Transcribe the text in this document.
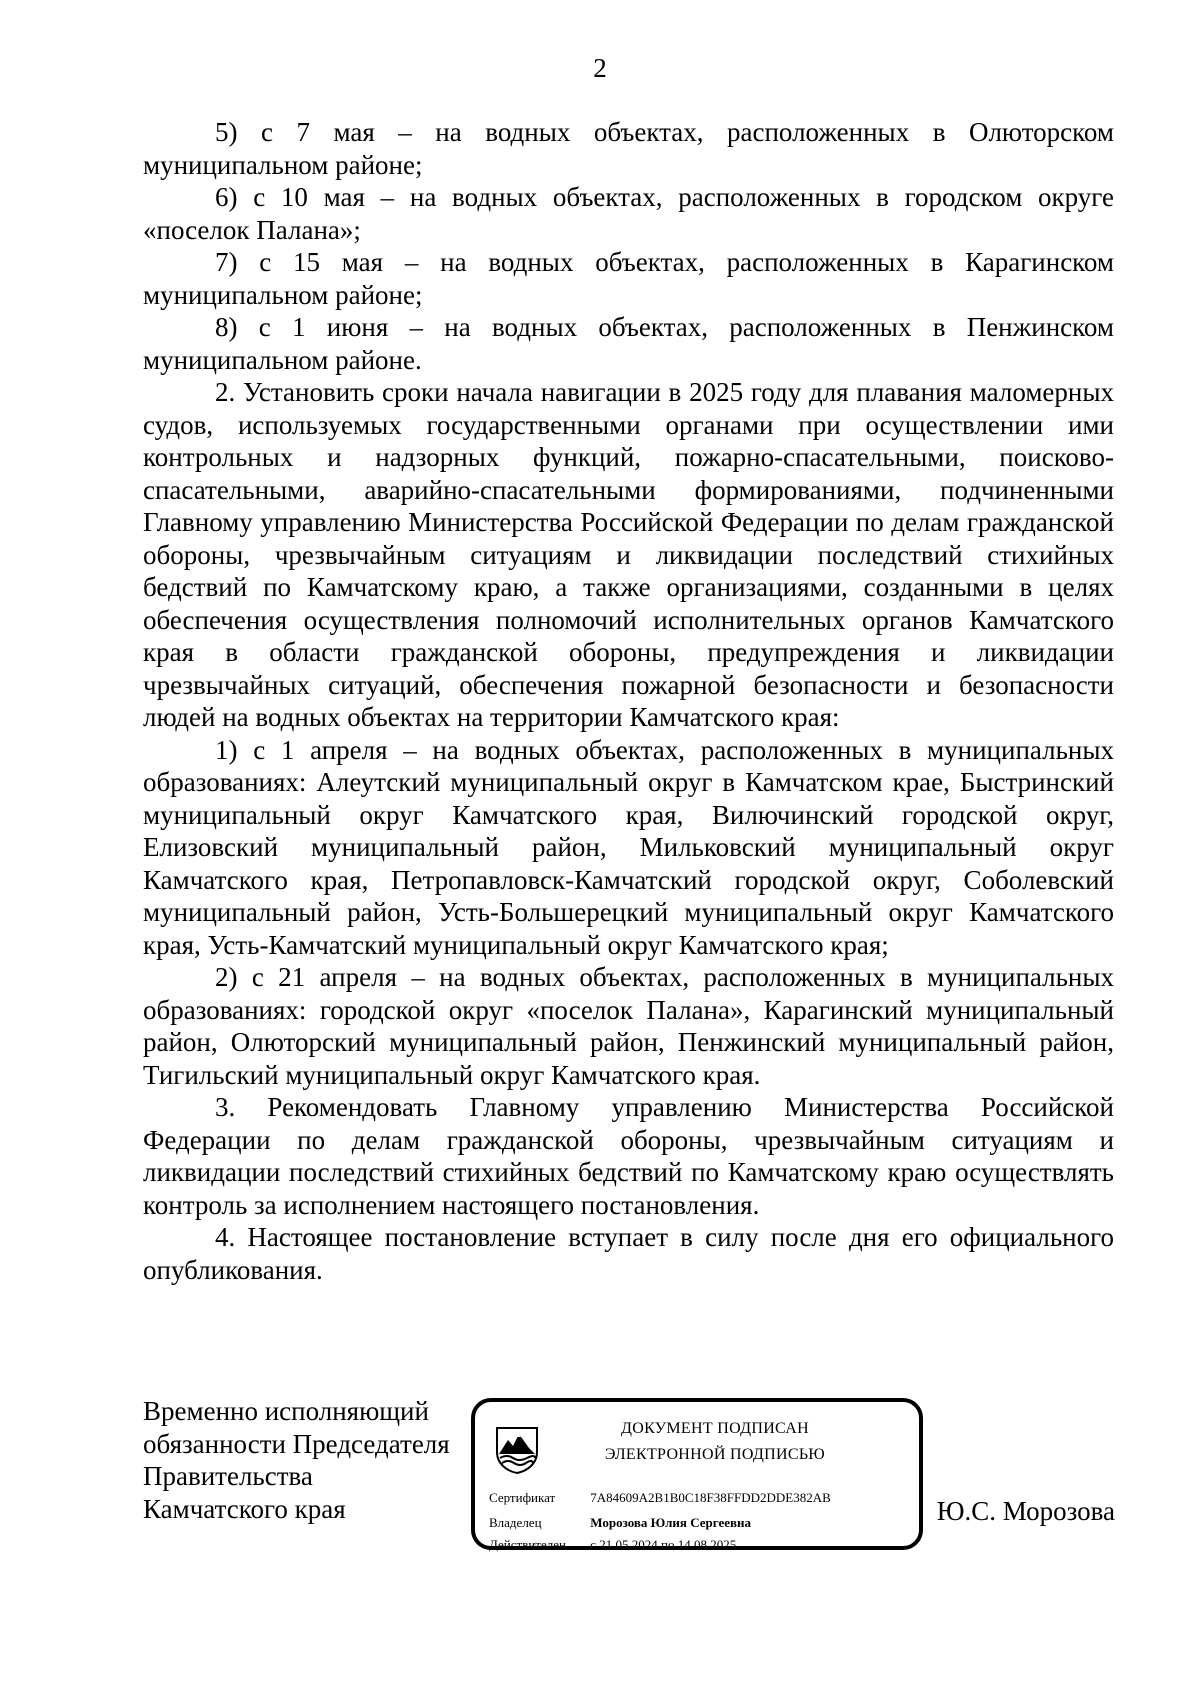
2

5) с 7 мая – на водных объектах, расположенных в Олюторском муниципальном районе;

6) с 10 мая – на водных объектах, расположенных в городском округе «поселок Палана»;

7) с 15 мая – на водных объектах, расположенных в Карагинском муниципальном районе;

8) с 1 июня – на водных объектах, расположенных в Пенжинском муниципальном районе.

2. Установить сроки начала навигации в 2025 году для плавания маломерных судов, используемых государственными органами при осуществлении ими контрольных и надзорных функций, пожарно-спасательными, поисково-спасательными, аварийно-спасательными формированиями, подчиненными Главному управлению Министерства Российской Федерации по делам гражданской обороны, чрезвычайным ситуациям и ликвидации последствий стихийных бедствий по Камчатскому краю, а также организациями, созданными в целях обеспечения осуществления полномочий исполнительных органов Камчатского края в области гражданской обороны, предупреждения и ликвидации чрезвычайных ситуаций, обеспечения пожарной безопасности и безопасности людей на водных объектах на территории Камчатского края:

1) с 1 апреля – на водных объектах, расположенных в муниципальных образованиях: Алеутский муниципальный округ в Камчатском крае, Быстринский муниципальный округ Камчатского края, Вилючинский городской округ, Елизовский муниципальный район, Мильковский муниципальный округ Камчатского края, Петропавловск-Камчатский городской округ, Соболевский муниципальный район, Усть-Большерецкий муниципальный округ Камчатского края, Усть-Камчатский муниципальный округ Камчатского края;

2) с 21 апреля – на водных объектах, расположенных в муниципальных образованиях: городской округ «поселок Палана», Карагинский муниципальный район, Олюторский муниципальный район, Пенжинский муниципальный район, Тигильский муниципальный округ Камчатского края.

3. Рекомендовать Главному управлению Министерства Российской Федерации по делам гражданской обороны, чрезвычайным ситуациям и ликвидации последствий стихийных бедствий по Камчатскому краю осуществлять контроль за исполнением настоящего постановления.

4. Настоящее постановление вступает в силу после дня его официального опубликования.

Временно исполняющий
обязанности Председателя
Правительства
Камчатского края
ДОКУМЕНТ ПОДПИСАН
ЭЛЕКТРОННОЙ ПОДПИСЬЮ
Сертификат	7A84609A2B1B0C18F38FFDD2DDE382AB
Владелец	Морозова Юлия Сергеевна
Действителен с 21.05.2024 по 14.08.2025
Ю.С. Морозова
